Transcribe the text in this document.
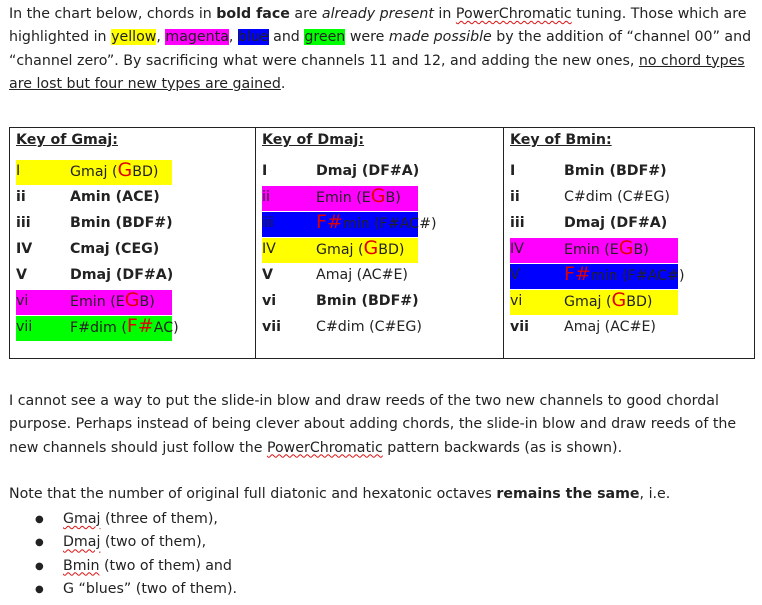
In the chart below, chords in bold face are already present in PowerChromatic tuning. Those which are highlighted in yellow, magenta, blue and green were made possible by the addition of “channel 00” and “channel zero”. By sacrificing what were channels 11 and 12, and adding the new ones, no chord types are lost but four new types are gained.
Key of Gmaj:
I	Gmaj (GBD)
ii	Amin (ACE)
iii	Bmin (BDF#)
IV	Cmaj (CEG)
V	Dmaj (DF#A)
vi	Emin (EGB)
vii	F#dim (F#AC)
Key of Dmaj:
I	Dmaj (DF#A)
ii	Emin (EGB)
iii F#min (F#AC#)
IV	Gmaj (GBD)
V	Amaj (AC#E)
vi	Bmin (BDF#)
vii C#dim (C#EG)
Key of Bmin:
I	Bmin (BDF#)
ii	C#dim (C#EG)
iii	Dmaj (DF#A)
IV	Emin (EGB)
V F#min (F#AC#)
vi	Gmaj (GBD)
vii Amaj (AC#E)
I cannot see a way to put the slide-in blow and draw reeds of the two new channels to good chordal purpose. Perhaps instead of being clever about adding chords, the slide-in blow and draw reeds of the new channels should just follow the PowerChromatic pattern backwards (as is shown).
Note that the number of original full diatonic and hexatonic octaves remains the same, i.e.
● Gmaj (three of them),
● Dmaj (two of them),
● Bmin (two of them) and
● G “blues” (two of them).
